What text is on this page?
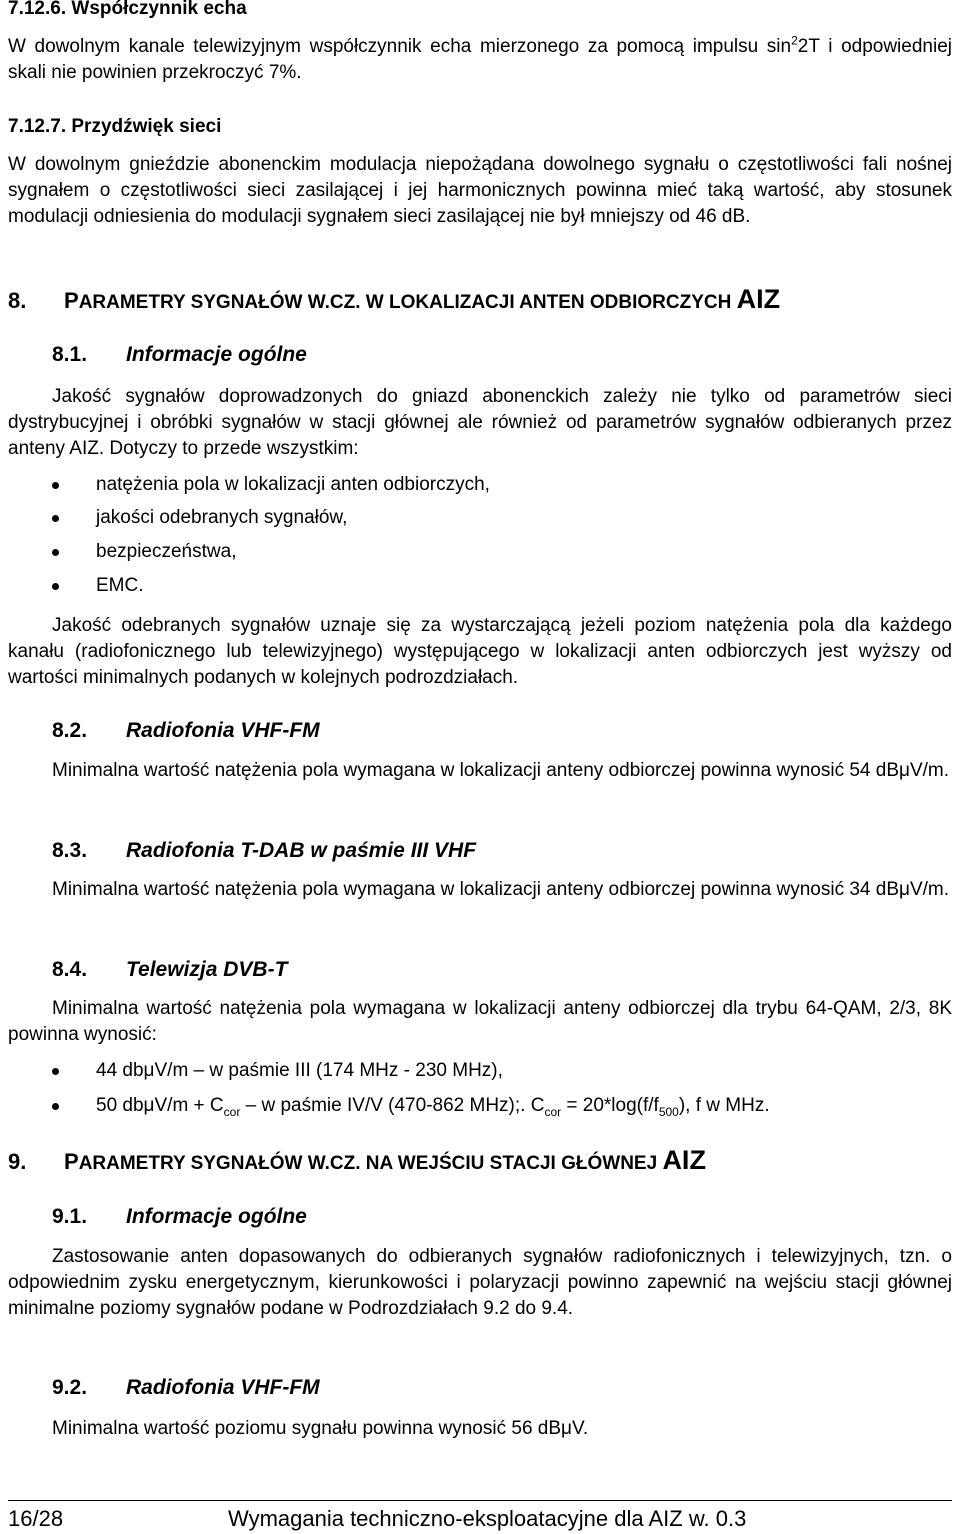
7.12.6. Współczynnik echa
W dowolnym kanale telewizyjnym współczynnik echa mierzonego za pomocą impulsu $\sin^22T$ i odpowiedniej skali nie powinien przekroczyć 7%.
7.12.7. Przydźwięk sieci
W dowolnym gnieździe abonenckim modulacja niepożądana dowolnego sygnału o częstotliwości fali nośnej sygnałem o częstotliwości sieci zasilającej i jej harmonicznych powinna mieć taką wartość, aby stosunek modulacji odniesienia do modulacji sygnałem sieci zasilającej nie był mniejszy od 46 dB.
8. PARAMETRY SYGNAŁÓW W.CZ. W LOKALIZACJI ANTEN ODBIORCZYCH AIZ
8.1. Informacje ogólne
Jakość sygnałów doprowadzonych do gniazd abonenckich zależy nie tylko od parametrów sieci dystrybucyjnej i obróbki sygnałów w stacji głównej ale również od parametrów sygnałów odbieranych przez anteny AIZ. Dotyczy to przede wszystkim:
natężenia pola w lokalizacji anten odbiorczych,
jakości odebranych sygnałów,
bezpieczeństwa,
EMC.
Jakość odebranych sygnałów uznaje się za wystarczającą jeżeli poziom natężenia pola dla każdego kanału (radiofonicznego lub telewizyjnego) występującego w lokalizacji anten odbiorczych jest wyższy od wartości minimalnych podanych w kolejnych podrozdziałach.
8.2. Radiofonia VHF-FM
Minimalna wartość natężenia pola wymagana w lokalizacji anteny odbiorczej powinna wynosić 54 dBμV/m.
8.3. Radiofonia T-DAB w paśmie III VHF
Minimalna wartość natężenia pola wymagana w lokalizacji anteny odbiorczej powinna wynosić 34 dBμV/m.
8.4. Telewizja DVB-T
Minimalna wartość natężenia pola wymagana w lokalizacji anteny odbiorczej dla trybu 64-QAM, 2/3, 8K powinna wynosić:
44 dbμV/m – w paśmie III (174 MHz - 230 MHz),
50 $db\mu V/m + C_{cor} - w$ paśmie IV/V (470-862 MHz);. $C_{cor} = 20*\log(f/f_{500})$, f w MHz.
9. PARAMETRY SYGNAŁÓW W.CZ. NA WEJŚCIU STACJI GŁÓWNEJ AIZ
9.1. Informacje ogólne
Zastosowanie anten dopasowanych do odbieranych sygnałów radiofonicznych i telewizyjnych, tzn. o odpowiednim zysku energetycznym, kierunkowości i polaryzacji powinno zapewnić na wejściu stacji głównej minimalne poziomy sygnałów podane w Podrozdziałach 9.2 do 9.4.
9.2. Radiofonia VHF-FM
Minimalna wartość poziomu sygnału powinna wynosić 56 dBμV.
16/28	Wymagania techniczno-eksploatacyjne dla AIZ w. 0.3
